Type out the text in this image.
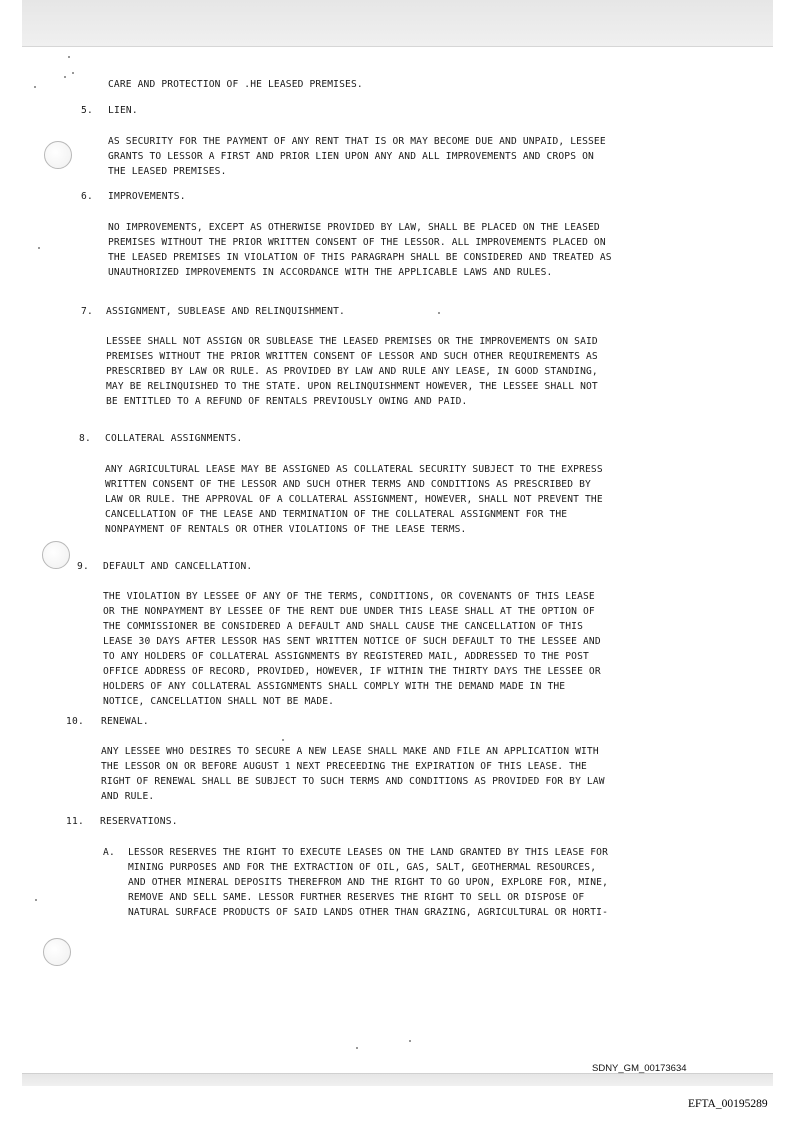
CARE AND PROTECTION OF .HE LEASED PREMISES.
5. LIEN.
AS SECURITY FOR THE PAYMENT OF ANY RENT THAT IS OR MAY BECOME DUE AND UNPAID, LESSEE
GRANTS TO LESSOR A FIRST AND PRIOR LIEN UPON ANY AND ALL IMPROVEMENTS AND CROPS ON
THE LEASED PREMISES.
6. IMPROVEMENTS.
NO IMPROVEMENTS, EXCEPT AS OTHERWISE PROVIDED BY LAW, SHALL BE PLACED ON THE LEASED
PREMISES WITHOUT THE PRIOR WRITTEN CONSENT OF THE LESSOR. ALL IMPROVEMENTS PLACED ON
THE LEASED PREMISES IN VIOLATION OF THIS PARAGRAPH SHALL BE CONSIDERED AND TREATED AS
UNAUTHORIZED IMPROVEMENTS IN ACCORDANCE WITH THE APPLICABLE LAWS AND RULES.
7. ASSIGNMENT, SUBLEASE AND RELINQUISHMENT.
LESSEE SHALL NOT ASSIGN OR SUBLEASE THE LEASED PREMISES OR THE IMPROVEMENTS ON SAID
PREMISES WITHOUT THE PRIOR WRITTEN CONSENT OF LESSOR AND SUCH OTHER REQUIREMENTS AS
PRESCRIBED BY LAW OR RULE. AS PROVIDED BY LAW AND RULE ANY LEASE, IN GOOD STANDING,
MAY BE RELINQUISHED TO THE STATE. UPON RELINQUISHMENT HOWEVER, THE LESSEE SHALL NOT
BE ENTITLED TO A REFUND OF RENTALS PREVIOUSLY OWING AND PAID.
8. COLLATERAL ASSIGNMENTS.
ANY AGRICULTURAL LEASE MAY BE ASSIGNED AS COLLATERAL SECURITY SUBJECT TO THE EXPRESS
WRITTEN CONSENT OF THE LESSOR AND SUCH OTHER TERMS AND CONDITIONS AS PRESCRIBED BY
LAW OR RULE. THE APPROVAL OF A COLLATERAL ASSIGNMENT, HOWEVER, SHALL NOT PREVENT THE
CANCELLATION OF THE LEASE AND TERMINATION OF THE COLLATERAL ASSIGNMENT FOR THE
NONPAYMENT OF RENTALS OR OTHER VIOLATIONS OF THE LEASE TERMS.
9. DEFAULT AND CANCELLATION.
THE VIOLATION BY LESSEE OF ANY OF THE TERMS, CONDITIONS, OR COVENANTS OF THIS LEASE
OR THE NONPAYMENT BY LESSEE OF THE RENT DUE UNDER THIS LEASE SHALL AT THE OPTION OF
THE COMMISSIONER BE CONSIDERED A DEFAULT AND SHALL CAUSE THE CANCELLATION OF THIS
LEASE 30 DAYS AFTER LESSOR HAS SENT WRITTEN NOTICE OF SUCH DEFAULT TO THE LESSEE AND
TO ANY HOLDERS OF COLLATERAL ASSIGNMENTS BY REGISTERED MAIL, ADDRESSED TO THE POST
OFFICE ADDRESS OF RECORD, PROVIDED, HOWEVER, IF WITHIN THE THIRTY DAYS THE LESSEE OR
HOLDERS OF ANY COLLATERAL ASSIGNMENTS SHALL COMPLY WITH THE DEMAND MADE IN THE
NOTICE, CANCELLATION SHALL NOT BE MADE.
10. RENEWAL.
ANY LESSEE WHO DESIRES TO SECURE A NEW LEASE SHALL MAKE AND FILE AN APPLICATION WITH
THE LESSOR ON OR BEFORE AUGUST 1 NEXT PRECEEDING THE EXPIRATION OF THIS LEASE. THE
RIGHT OF RENEWAL SHALL BE SUBJECT TO SUCH TERMS AND CONDITIONS AS PROVIDED FOR BY LAW
AND RULE.
11. RESERVATIONS.
A. LESSOR RESERVES THE RIGHT TO EXECUTE LEASES ON THE LAND GRANTED BY THIS LEASE FOR
MINING PURPOSES AND FOR THE EXTRACTION OF OIL, GAS, SALT, GEOTHERMAL RESOURCES,
AND OTHER MINERAL DEPOSITS THEREFROM AND THE RIGHT TO GO UPON, EXPLORE FOR, MINE,
REMOVE AND SELL SAME. LESSOR FURTHER RESERVES THE RIGHT TO SELL OR DISPOSE OF
NATURAL SURFACE PRODUCTS OF SAID LANDS OTHER THAN GRAZING, AGRICULTURAL OR HORTI-
SDNY_GM_00173634
EFTA_00195289
